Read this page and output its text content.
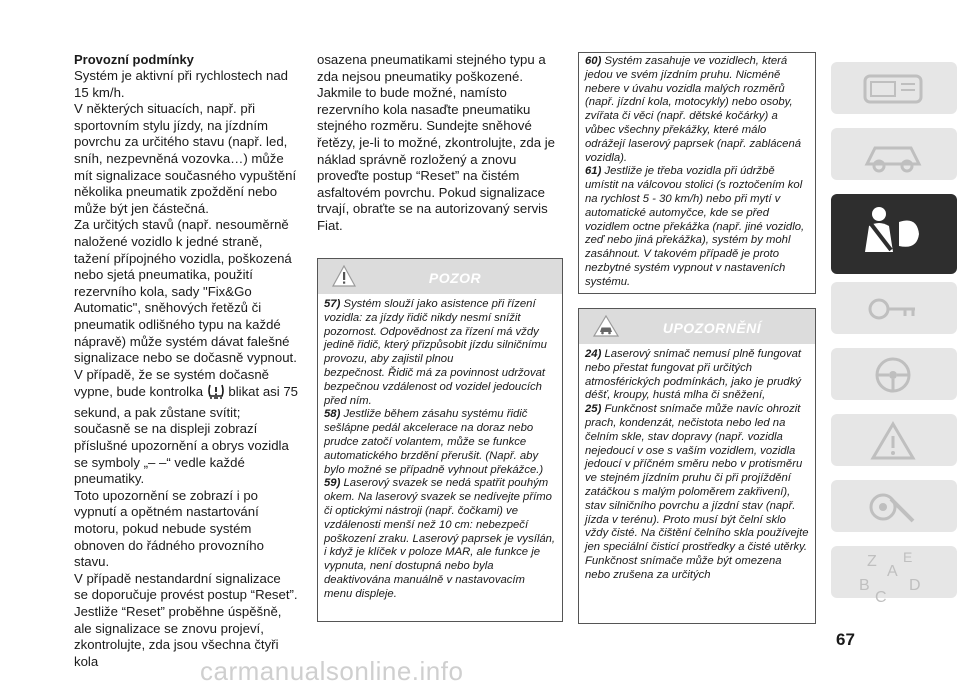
Provozní podmínky

Systém je aktivní při rychlostech nad 15 km/h.

V některých situacích, např. při sportovním stylu jízdy, na jízdním povrchu za určitého stavu (např. led, sníh, nezpevněná vozovka…) může mít signalizace současného vypuštění několika pneumatik zpoždění nebo může být jen částečná.

Za určitých stavů (např. nesouměrně naložené vozidlo k jedné straně, tažení přípojného vozidla, poškozená nebo sjetá pneumatika, použití rezervního kola, sady "Fix&Go Automatic", sněhových řetězů či pneumatik odlišného typu na každé nápravě) může systém dávat falešné signalizace nebo se dočasně vypnout.

V případě, že se systém dočasně vypne, bude kontrolka blikat asi 75 sekund, a pak zůstane svítit; současně se na displeji zobrazí příslušné upozornění a obrys vozidla se symboly „– –“ vedle každé pneumatiky.

Toto upozornění se zobrazí i po vypnutí a opětném nastartování motoru, pokud nebude systém obnoven do řádného provozního stavu.

V případě nestandardní signalizace se doporučuje provést postup “Reset”. Jestliže “Reset” proběhne úspěšně, ale signalizace se znovu projeví, zkontrolujte, zda jsou všechna čtyři kola

osazena pneumatikami stejného typu a zda nejsou pneumatiky poškozené. Jakmile to bude možné, namísto rezervního kola nasaďte pneumatiku stejného rozměru. Sundejte sněhové řetězy, je-li to možné, zkontrolujte, zda je náklad správně rozložený a znovu proveďte postup “Reset” na čistém asfaltovém povrchu. Pokud signalizace trvají, obraťte se na autorizovaný servis Fiat.

POZOR

57) Systém slouží jako asistence při řízení vozidla: za jízdy řidič nikdy nesmí snížit pozornost. Odpovědnost za řízení má vždy jedině řidič, který přizpůsobit jízdu silničnímu provozu, aby zajistil plnou

bezpečnost. Řidič má za povinnost udržovat bezpečnou vzdálenost od vozidel jedoucích před ním.

58) Jestliže během zásahu systému řidič sešlápne pedál akcelerace na doraz nebo prudce zatočí volantem, může se funkce automatického brzdění přerušit. (Např. aby bylo možné se případně vyhnout překážce.)

59) Laserový svazek se nedá spatřit pouhým okem. Na laserový svazek se nedívejte přímo či optickými nástroji (např. čočkami) ve vzdálenosti menší než 10 cm: nebezpečí poškození zraku. Laserový paprsek je vysílán, i když je klíček v poloze MAR, ale funkce je vypnuta, není dostupná nebo byla deaktivována manuálně v nastavovacím menu displeje.

60) Systém zasahuje ve vozidlech, která jedou ve svém jízdním pruhu. Nicméně nebere v úvahu vozidla malých rozměrů (např. jízdní kola, motocykly) nebo osoby, zvířata či věci (např. dětské kočárky) a vůbec všechny překážky, které málo odrážejí laserový paprsek (např. zablácená vozidla).

61) Jestliže je třeba vozidla při údržbě umístit na válcovou stolici (s roztočením kol na rychlost 5 - 30 km/h) nebo při mytí v automatické automyčce, kde se před vozidlem octne překážka (např. jiné vozidlo, zeď nebo jiná překážka), systém by mohl zasáhnout. V takovém případě je proto nezbytné systém vypnout v nastaveních systému.

UPOZORNĚNÍ

24) Laserový snímač nemusí plně fungovat nebo přestat fungovat při určitých atmosférických podmínkách, jako je prudký déšť, kroupy, hustá mlha či sněžení,

25) Funkčnost snímače může navíc ohrozit prach, kondenzát, nečistota nebo led na čelním skle, stav dopravy (např. vozidla nejedoucí v ose s vaším vozidlem, vozidla jedoucí v příčném směru nebo v protisměru ve stejném jízdním pruhu či při projíždění zatáčkou s malým poloměrem zakřivení), stav silničního povrchu a jízdní stav (např. jízda v terénu). Proto musí být čelní sklo vždy čisté. Na čištění čelního skla používejte jen speciální čisticí prostředky a čisté utěrky. Funkčnost snímače může být omezena nebo zrušena za určitých

Z E
A
B
C
D
67
carmanualsonline.info
